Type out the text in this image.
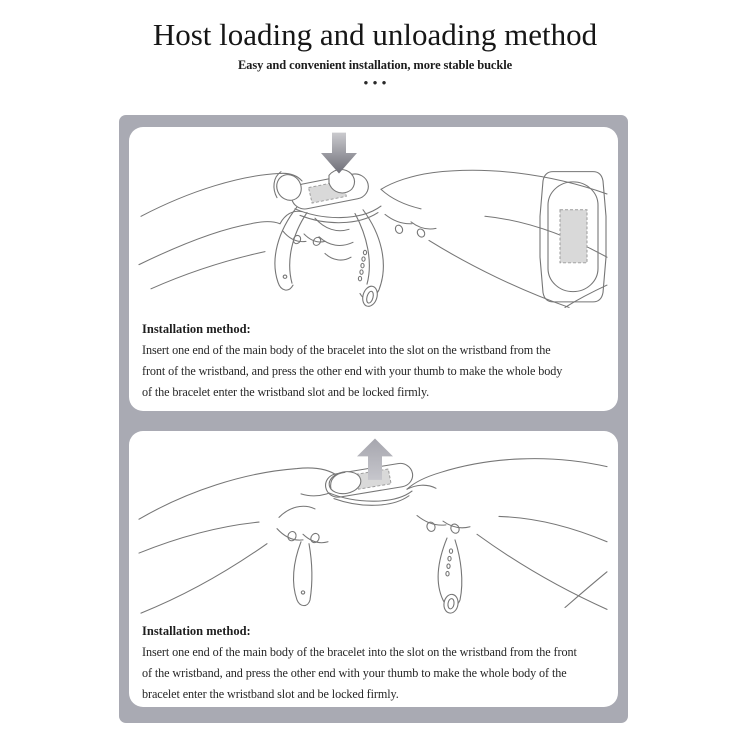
Host loading and unloading method
Easy and convenient installation, more stable buckle
•••
Installation method:
Insert one end of the main body of the bracelet into the slot on the wristband from the
front of the wristband, and press the other end with your thumb to make the whole body
of the bracelet enter the wristband slot and be locked firmly.
Installation method:
Insert one end of the main body of the bracelet into the slot on the wristband from the front
of the wristband, and press the other end with your thumb to make the whole body of the
bracelet enter the wristband slot and be locked firmly.
